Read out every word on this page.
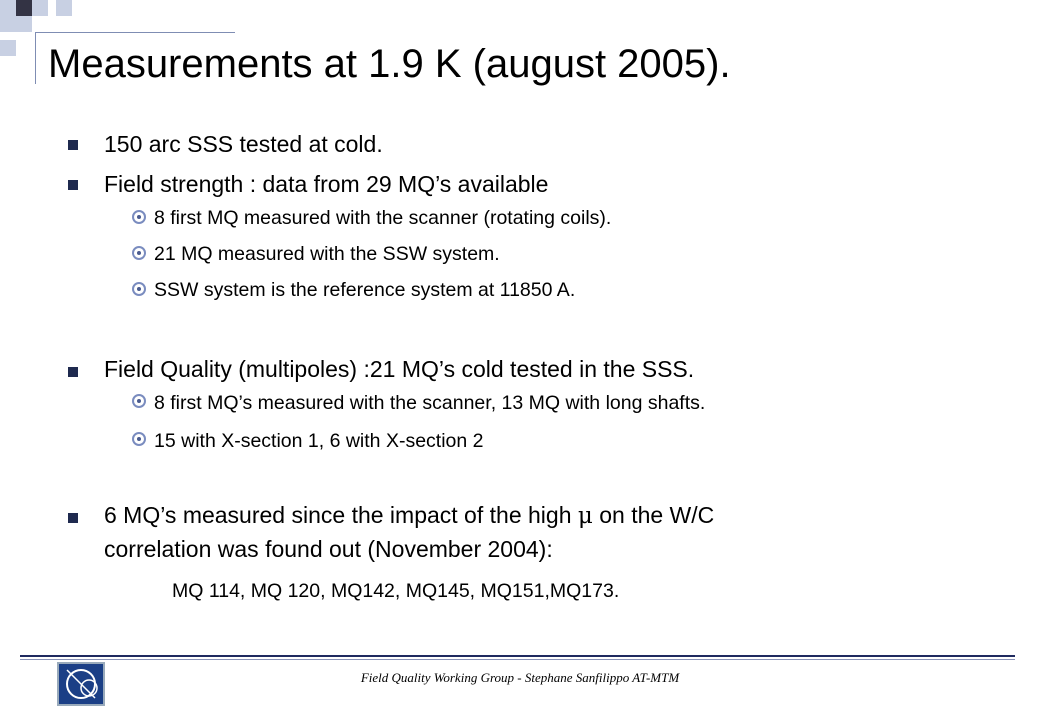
Measurements at 1.9 K (august 2005).
150 arc SSS tested at cold.
Field strength : data from 29 MQ’s available
8 first MQ measured with the scanner (rotating coils).
21 MQ measured with the SSW system.
SSW system is the reference system at 11850 A.
Field Quality (multipoles) :21 MQ’s cold tested in the SSS.
8 first MQ’s measured with the scanner, 13 MQ with long shafts.
15 with X-section 1, 6 with X-section 2
6 MQ’s measured since the impact of the high μ on the W/C
correlation was found out (November 2004):
MQ 114, MQ 120, MQ142, MQ145, MQ151,MQ173.
Field Quality Working Group - Stephane Sanfilippo AT-MTM
